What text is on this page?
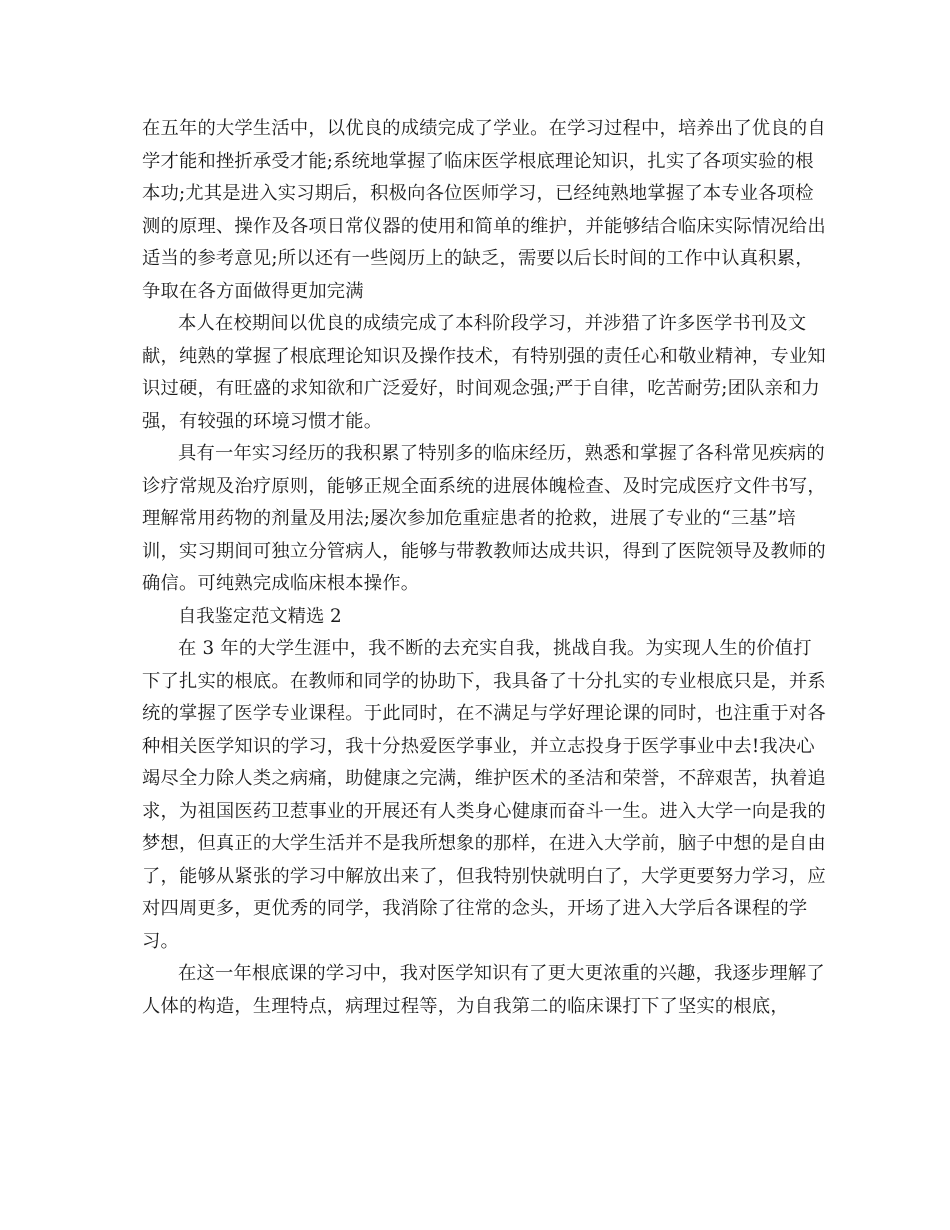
在五年的大学生活中，以优良的成绩完成了学业。在学习过程中，培养出了优良的自学才能和挫折承受才能;系统地掌握了临床医学根底理论知识，扎实了各项实验的根本功;尤其是进入实习期后，积极向各位医师学习，已经纯熟地掌握了本专业各项检测的原理、操作及各项日常仪器的使用和简单的维护，并能够结合临床实际情况给出适当的参考意见;所以还有一些阅历上的缺乏，需要以后长时间的工作中认真积累，争取在各方面做得更加完满

本人在校期间以优良的成绩完成了本科阶段学习，并涉猎了许多医学书刊及文献，纯熟的掌握了根底理论知识及操作技术，有特别强的责任心和敬业精神，专业知识过硬，有旺盛的求知欲和广泛爱好，时间观念强;严于自律，吃苦耐劳;团队亲和力强，有较强的环境习惯才能。

具有一年实习经历的我积累了特别多的临床经历，熟悉和掌握了各科常见疾病的诊疗常规及治疗原则，能够正规全面系统的进展体魄检查、及时完成医疗文件书写，理解常用药物的剂量及用法;屡次参加危重症患者的抢救，进展了专业的“三基”培训，实习期间可独立分管病人，能够与带教教师达成共识，得到了医院领导及教师的确信。可纯熟完成临床根本操作。

自我鉴定范文精选 2

在 3 年的大学生涯中，我不断的去充实自我，挑战自我。为实现人生的价值打下了扎实的根底。在教师和同学的协助下，我具备了十分扎实的专业根底只是，并系统的掌握了医学专业课程。于此同时，在不满足与学好理论课的同时，也注重于对各种相关医学知识的学习，我十分热爱医学事业，并立志投身于医学事业中去!我决心竭尽全力除人类之病痛，助健康之完满，维护医术的圣洁和荣誉，不辞艰苦，执着追求，为祖国医药卫惹事业的开展还有人类身心健康而奋斗一生。进入大学一向是我的梦想，但真正的大学生活并不是我所想象的那样，在进入大学前，脑子中想的是自由了，能够从紧张的学习中解放出来了，但我特别快就明白了，大学更要努力学习，应对四周更多，更优秀的同学，我消除了往常的念头，开场了进入大学后各课程的学习。

在这一年根底课的学习中，我对医学知识有了更大更浓重的兴趣，我逐步理解了人体的构造，生理特点，病理过程等，为自我第二的临床课打下了坚实的根底，
